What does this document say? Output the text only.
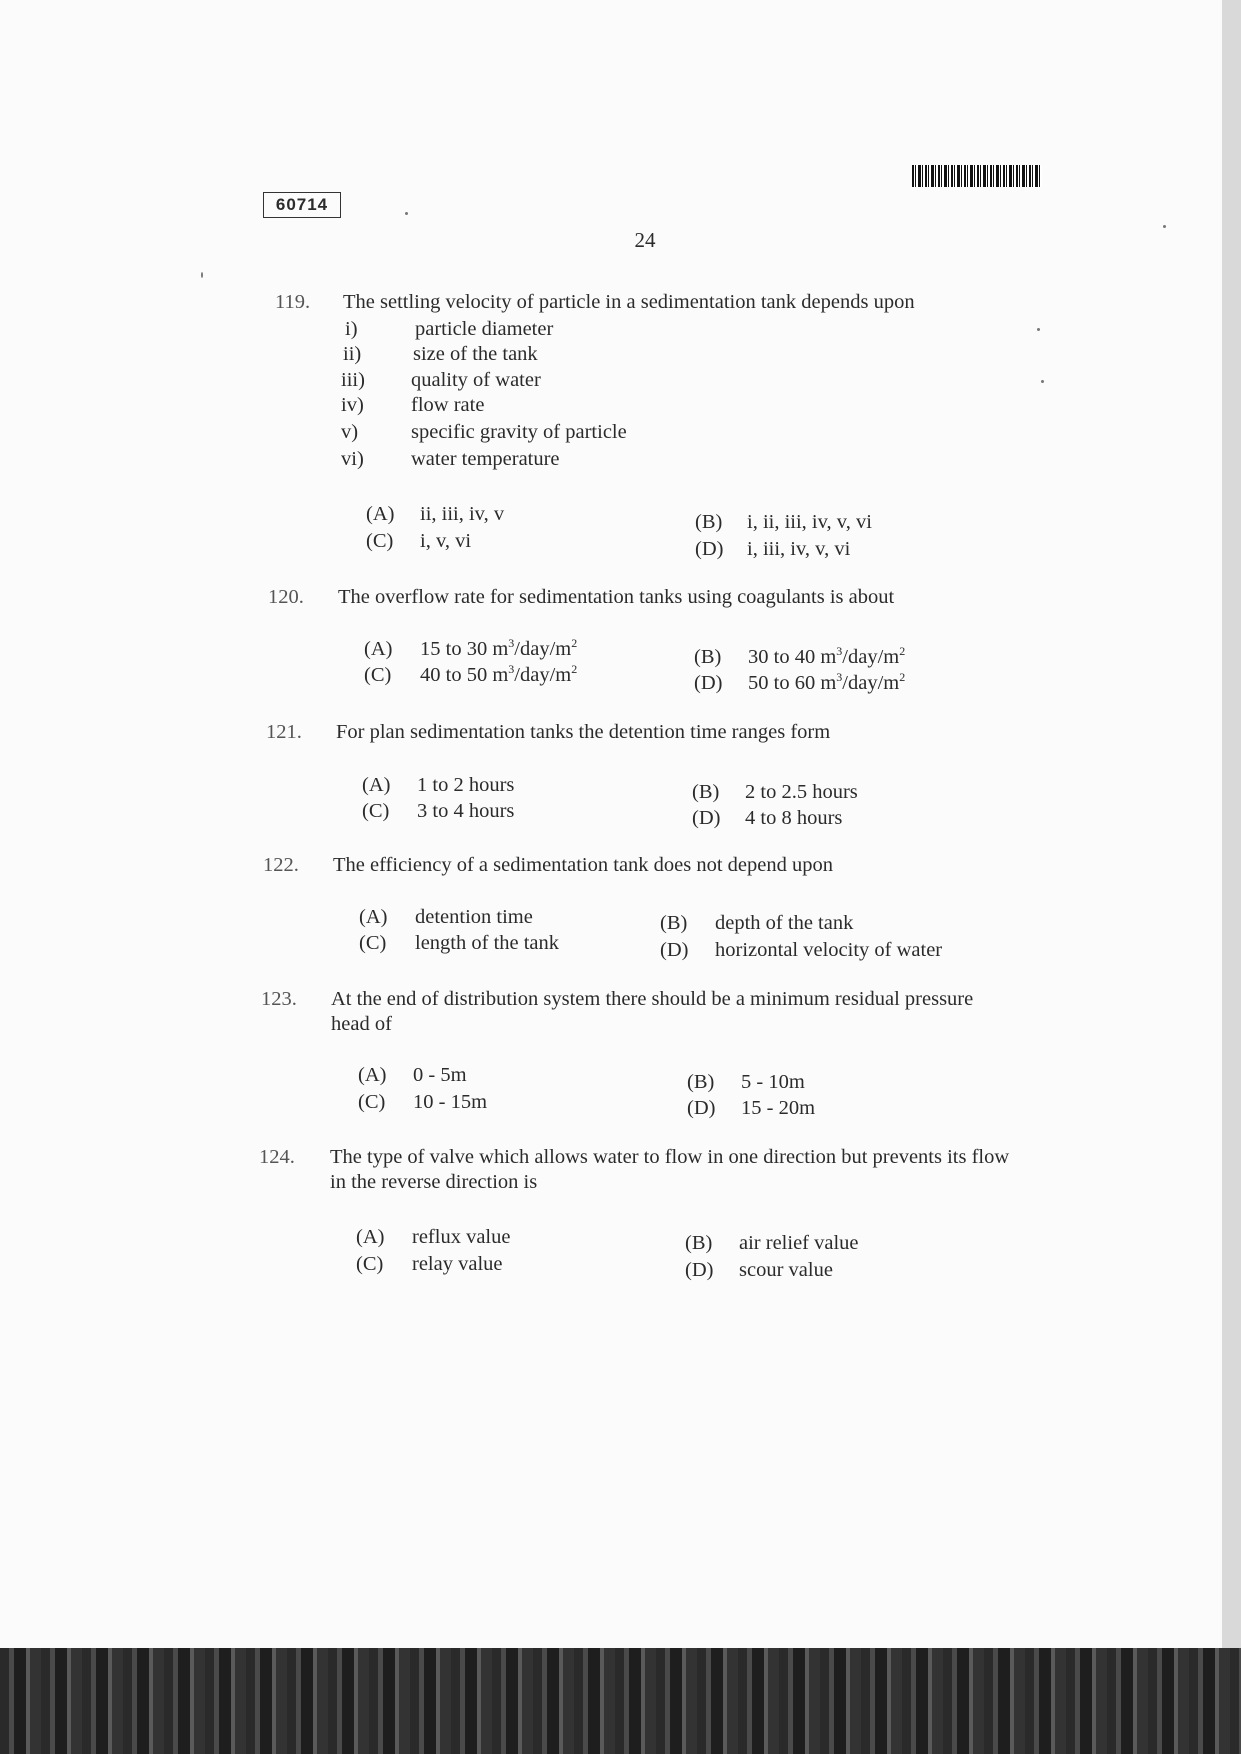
60714
24
119. The settling velocity of particle in a sedimentation tank depends upon
i)	particle diameter
ii)	size of the tank
iii) quality of water
iv) flow rate
v)	specific gravity of particle
vi) water temperature
(A) ii, iii, iv, v	(B) i, ii, iii, iv, v, vi
(C) i, v, vi	(D) i, iii, iv, v, vi
120. The overflow rate for sedimentation tanks using coagulants is about
(A) 15 to 30 $m^3/day/m^2$
(B) 30 to 40 $m^3/day/m^2$
(C) 40 to 50 $m^3/day/m^2$
(D) 50 to 60 $m^3/day/m^2$
121. For plan sedimentation tanks the detention time ranges form
(A) 1 to 2 hours	(B) 2 to 2.5 hours
(C) 3 to 4 hours	(D) 4 to 8 hours
122. The efficiency of a sedimentation tank does not depend upon
(A) detention time	(B) depth of the tank
(C) length of the tank	(D) horizontal velocity of water
123. At the end of distribution system there should be a minimum residual pressure head of
(A) 0 - 5m	(B) 5 - 10m
(C) 10 - 15m	(D) 15 - 20m
124. The type of valve which allows water to flow in one direction but prevents its flow in the reverse direction is
(A) reflux value	(B) air relief value
(C) relay value	(D) scour value
